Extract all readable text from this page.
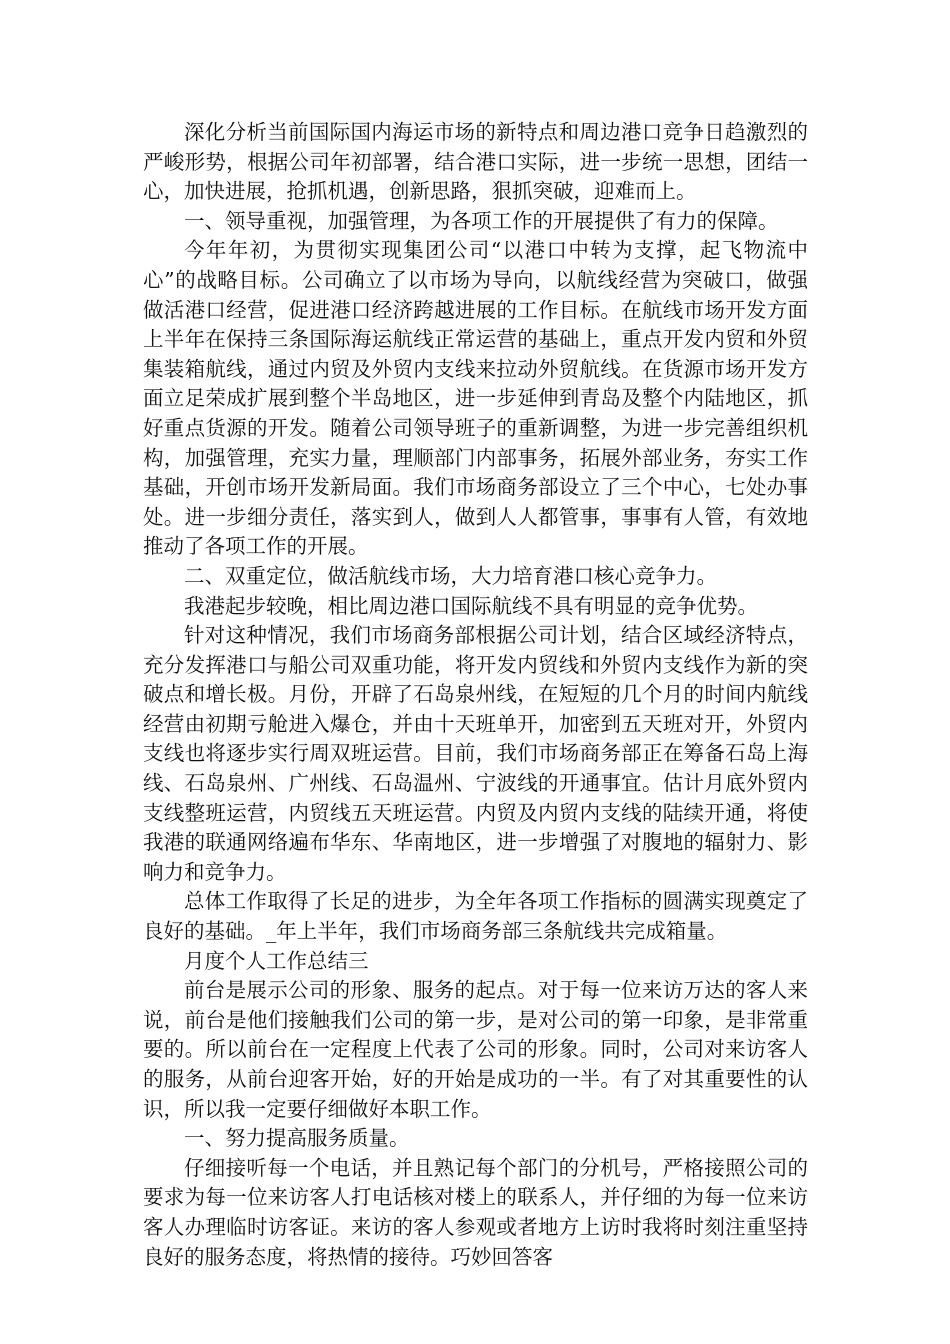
深化分析当前国际国内海运市场的新特点和周边港口竞争日趋激烈的严峻形势，根据公司年初部署，结合港口实际，进一步统一思想，团结一心，加快进展，抢抓机遇，创新思路，狠抓突破，迎难而上。

一、领导重视，加强管理，为各项工作的开展提供了有力的保障。

今年年初，为贯彻实现集团公司“以港口中转为支撑，起飞物流中心”的战略目标。公司确立了以市场为导向，以航线经营为突破口，做强做活港口经营，促进港口经济跨越进展的工作目标。在航线市场开发方面上半年在保持三条国际海运航线正常运营的基础上，重点开发内贸和外贸集装箱航线，通过内贸及外贸内支线来拉动外贸航线。在货源市场开发方面立足荣成扩展到整个半岛地区，进一步延伸到青岛及整个内陆地区，抓好重点货源的开发。随着公司领导班子的重新调整，为进一步完善组织机构，加强管理，充实力量，理顺部门内部事务，拓展外部业务，夯实工作基础，开创市场开发新局面。我们市场商务部设立了三个中心，七处办事处。进一步细分责任，落实到人，做到人人都管事，事事有人管，有效地推动了各项工作的开展。

二、双重定位，做活航线市场，大力培育港口核心竞争力。

我港起步较晚，相比周边港口国际航线不具有明显的竞争优势。

针对这种情况，我们市场商务部根据公司计划，结合区域经济特点，充分发挥港口与船公司双重功能，将开发内贸线和外贸内支线作为新的突破点和增长极。月份，开辟了石岛泉州线，在短短的几个月的时间内航线经营由初期亏舱进入爆仓，并由十天班单开，加密到五天班对开，外贸内支线也将逐步实行周双班运营。目前，我们市场商务部正在筹备石岛上海线、石岛泉州、广州线、石岛温州、宁波线的开通事宜。估计月底外贸内支线整班运营，内贸线五天班运营。内贸及内贸内支线的陆续开通，将使我港的联通网络遍布华东、华南地区，进一步增强了对腹地的辐射力、影响力和竞争力。

总体工作取得了长足的进步，为全年各项工作指标的圆满实现奠定了良好的基础。_年上半年，我们市场商务部三条航线共完成箱量。

月度个人工作总结三

前台是展示公司的形象、服务的起点。对于每一位来访万达的客人来说，前台是他们接触我们公司的第一步，是对公司的第一印象，是非常重要的。所以前台在一定程度上代表了公司的形象。同时，公司对来访客人的服务，从前台迎客开始，好的开始是成功的一半。有了对其重要性的认识，所以我一定要仔细做好本职工作。

一、努力提高服务质量。

仔细接听每一个电话，并且熟记每个部门的分机号，严格接照公司的要求为每一位来访客人打电话核对楼上的联系人，并仔细的为每一位来访客人办理临时访客证。来访的客人参观或者地方上访时我将时刻注重坚持良好的服务态度，将热情的接待。巧妙回答客
